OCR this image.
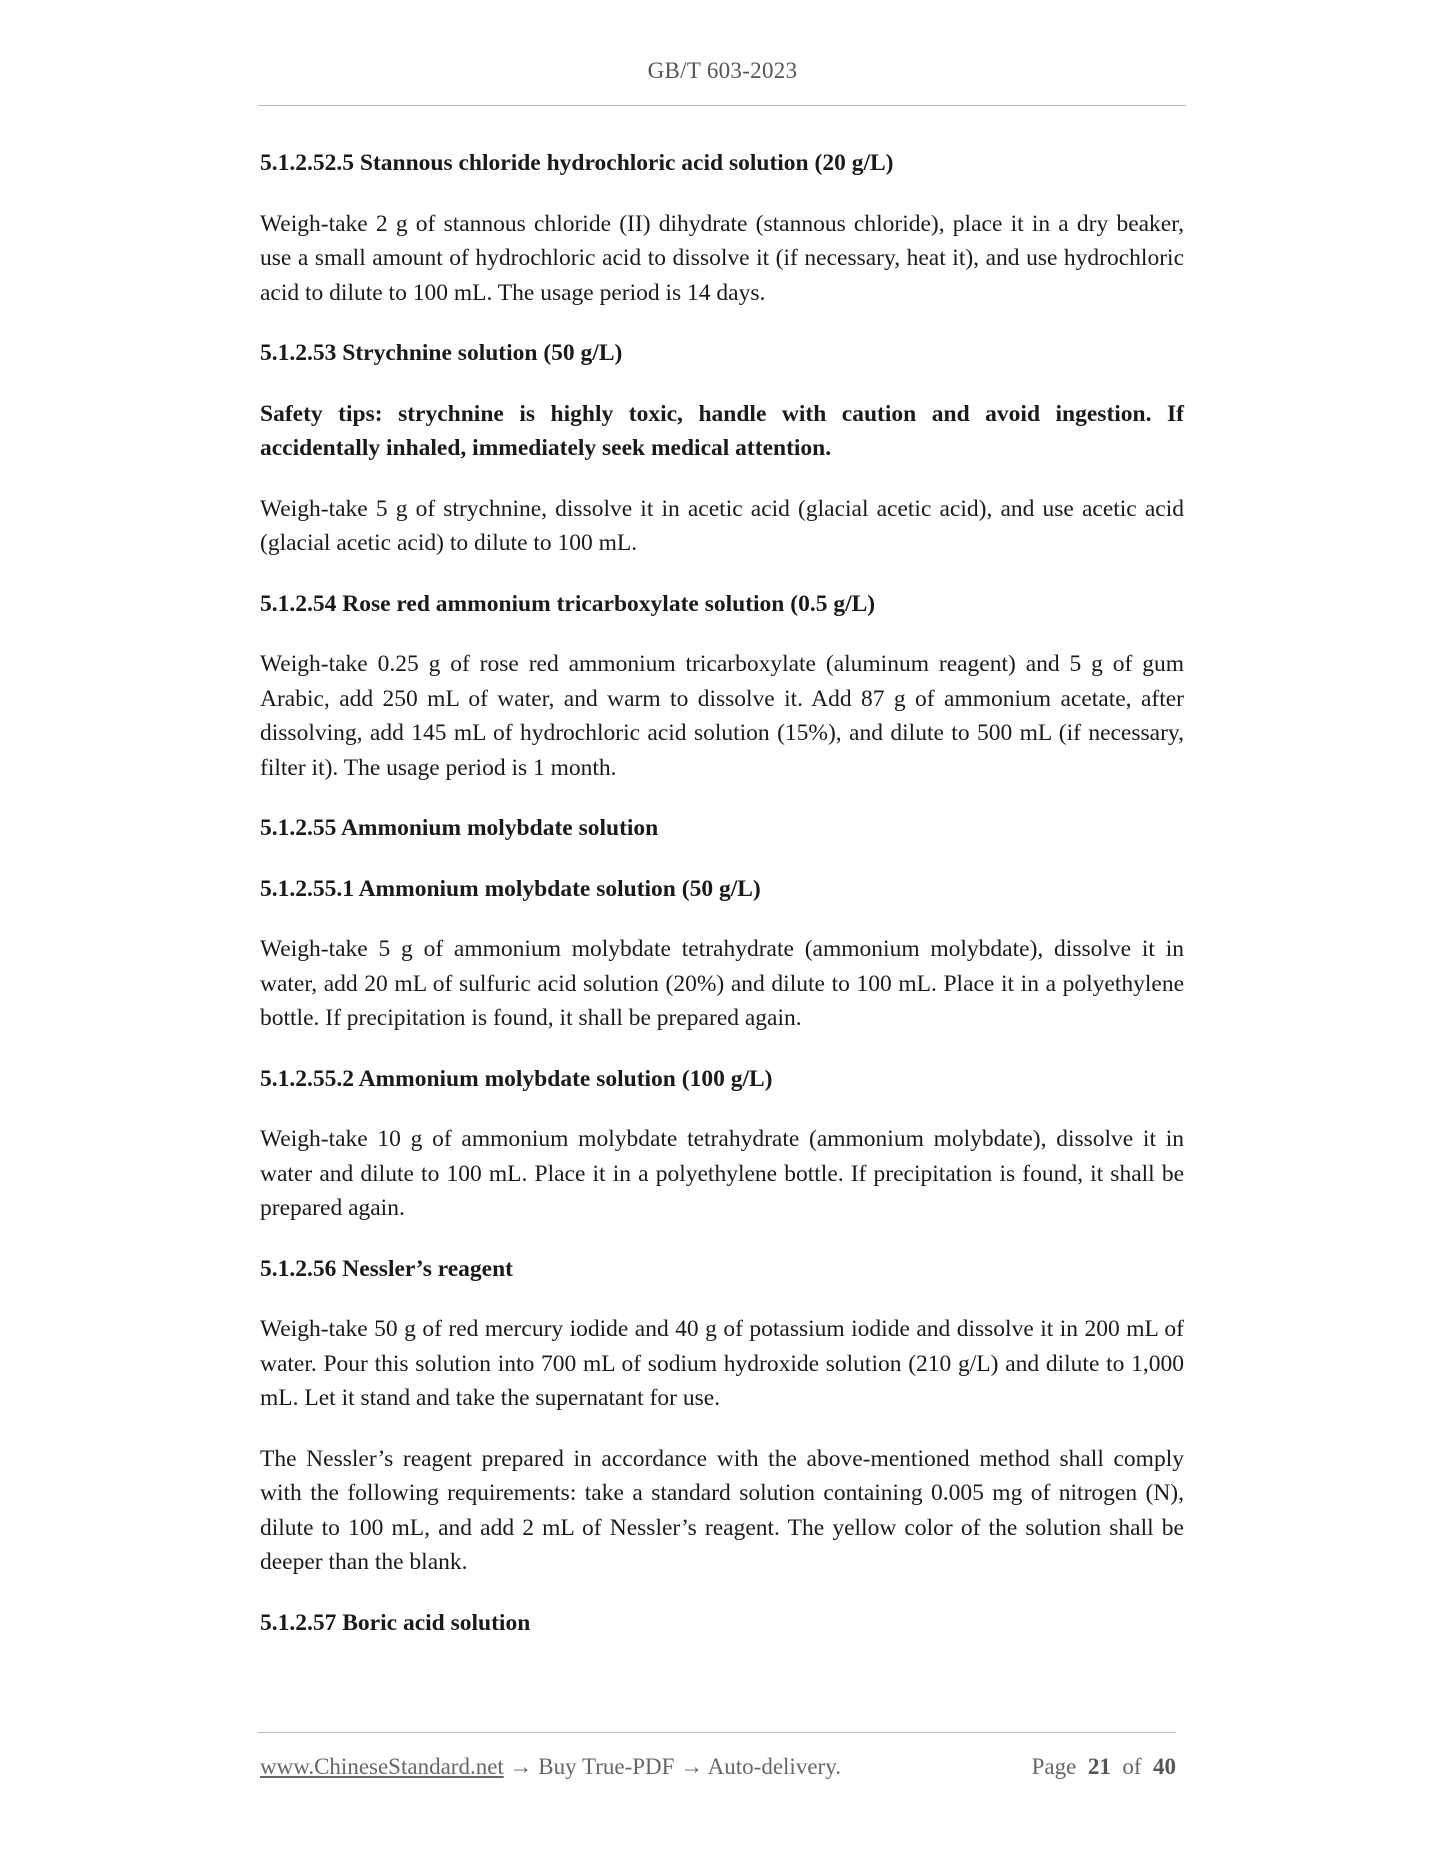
GB/T 603-2023
5.1.2.52.5 Stannous chloride hydrochloric acid solution (20 g/L)
Weigh-take 2 g of stannous chloride (II) dihydrate (stannous chloride), place it in a dry beaker, use a small amount of hydrochloric acid to dissolve it (if necessary, heat it), and use hydrochloric acid to dilute to 100 mL. The usage period is 14 days.
5.1.2.53 Strychnine solution (50 g/L)
Safety tips: strychnine is highly toxic, handle with caution and avoid ingestion. If accidentally inhaled, immediately seek medical attention.
Weigh-take 5 g of strychnine, dissolve it in acetic acid (glacial acetic acid), and use acetic acid (glacial acetic acid) to dilute to 100 mL.
5.1.2.54 Rose red ammonium tricarboxylate solution (0.5 g/L)
Weigh-take 0.25 g of rose red ammonium tricarboxylate (aluminum reagent) and 5 g of gum Arabic, add 250 mL of water, and warm to dissolve it. Add 87 g of ammonium acetate, after dissolving, add 145 mL of hydrochloric acid solution (15%), and dilute to 500 mL (if necessary, filter it). The usage period is 1 month.
5.1.2.55 Ammonium molybdate solution
5.1.2.55.1 Ammonium molybdate solution (50 g/L)
Weigh-take 5 g of ammonium molybdate tetrahydrate (ammonium molybdate), dissolve it in water, add 20 mL of sulfuric acid solution (20%) and dilute to 100 mL. Place it in a polyethylene bottle. If precipitation is found, it shall be prepared again.
5.1.2.55.2 Ammonium molybdate solution (100 g/L)
Weigh-take 10 g of ammonium molybdate tetrahydrate (ammonium molybdate), dissolve it in water and dilute to 100 mL. Place it in a polyethylene bottle. If precipitation is found, it shall be prepared again.
5.1.2.56 Nessler’s reagent
Weigh-take 50 g of red mercury iodide and 40 g of potassium iodide and dissolve it in 200 mL of water. Pour this solution into 700 mL of sodium hydroxide solution (210 g/L) and dilute to 1,000 mL. Let it stand and take the supernatant for use.
The Nessler’s reagent prepared in accordance with the above-mentioned method shall comply with the following requirements: take a standard solution containing 0.005 mg of nitrogen (N), dilute to 100 mL, and add 2 mL of Nessler’s reagent. The yellow color of the solution shall be deeper than the blank.
5.1.2.57 Boric acid solution
www.ChineseStandard.net → Buy True-PDF → Auto-delivery.	Page 21 of 40
